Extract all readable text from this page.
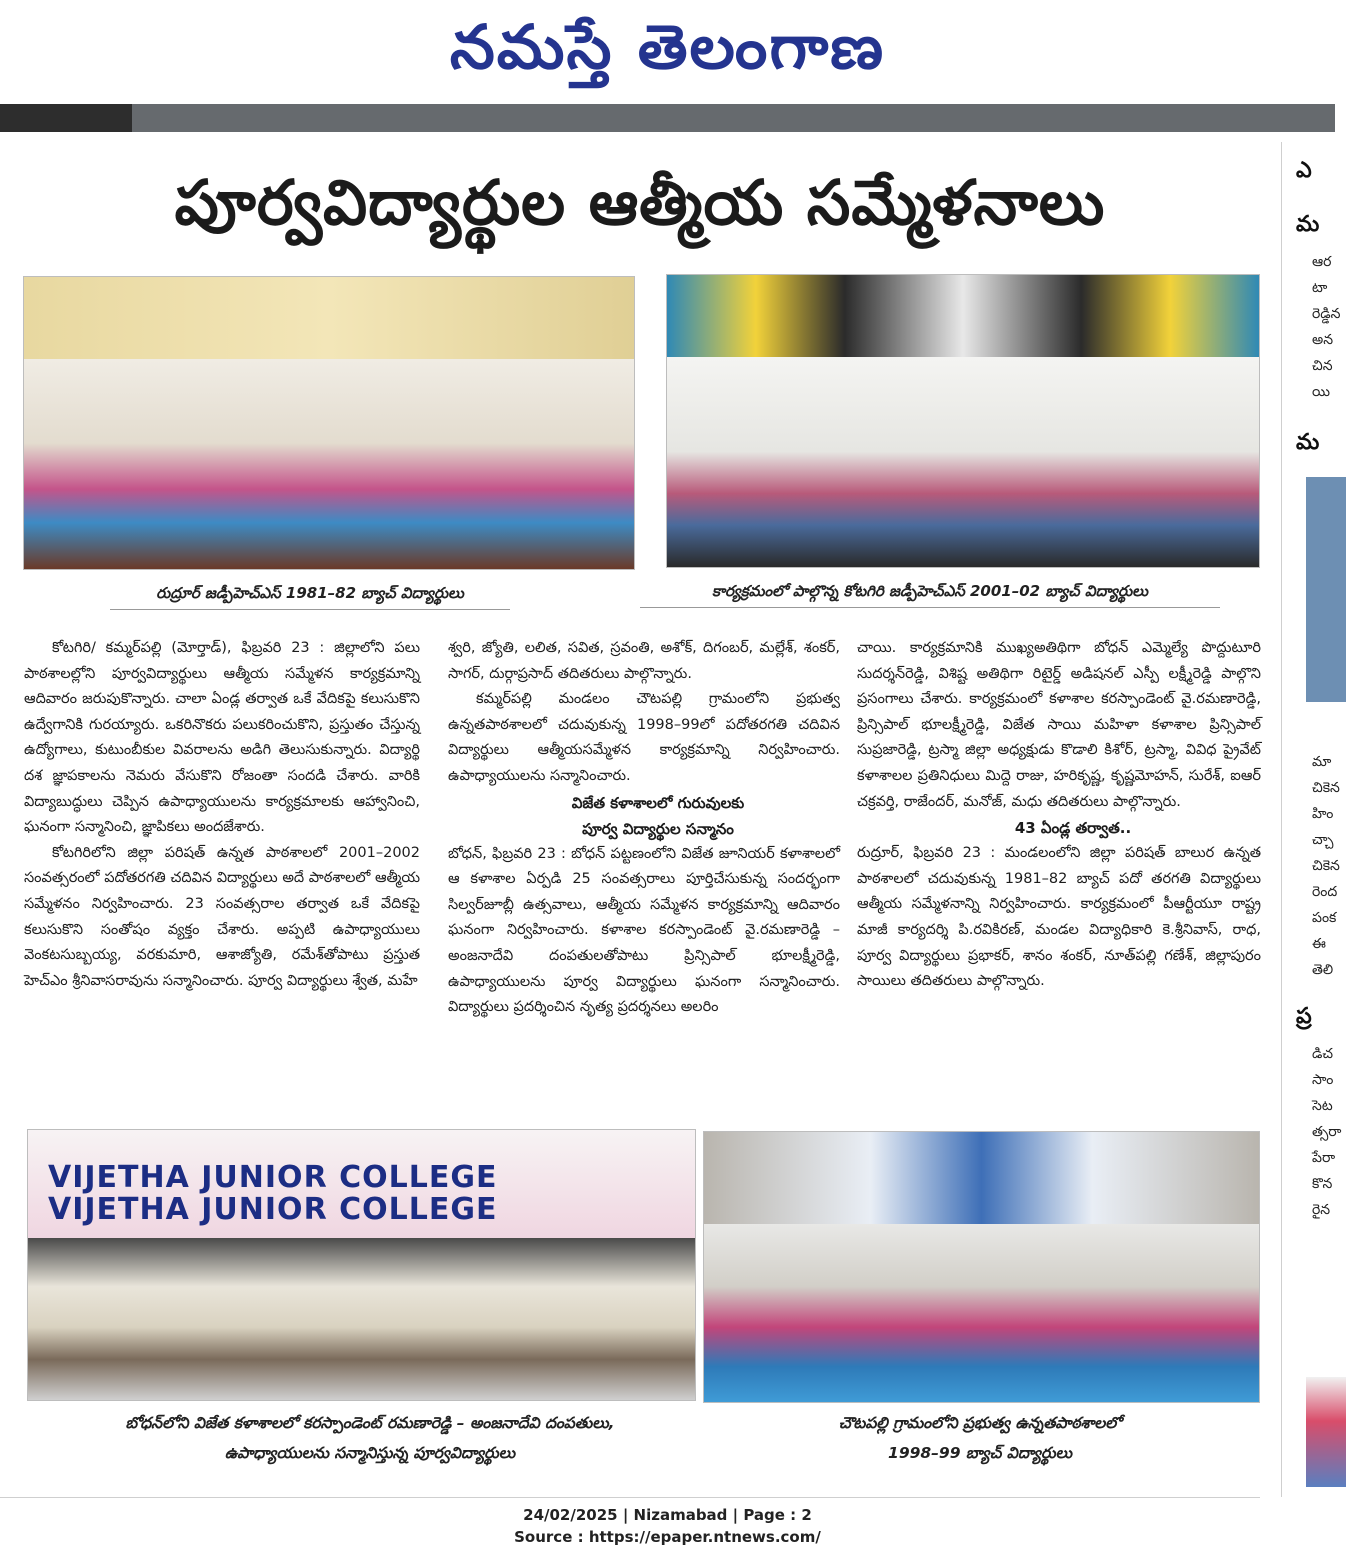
నమస్తే తెలంగాణ
పూర్వవిద్యార్థుల ఆత్మీయ సమ్మేళనాలు
రుద్రూర్ జడ్పీహెచ్ఎస్ 1981–82 బ్యాచ్ విద్యార్థులు	కార్యక్రమంలో పాల్గొన్న కోటగిరి జడ్పీహెచ్ఎస్ 2001–02 బ్యాచ్ విద్యార్థులు

కోటగిరి/ కమ్మర్‌పల్లి (మోర్తాడ్), ఫిబ్రవరి 23 : జిల్లాలోని పలు పాఠశాలల్లోని పూర్వవిద్యార్థులు ఆత్మీయ సమ్మేళన కార్యక్రమాన్ని ఆదివారం జరుపుకొన్నారు. చాలా ఏండ్ల తర్వాత ఒకే వేదికపై కలుసుకొని ఉద్వేగానికి గురయ్యారు. ఒకరినొకరు పలుకరించుకొని, ప్రస్తుతం చేస్తున్న ఉద్యోగాలు, కుటుంబీకుల వివరాలను అడిగి తెలుసుకున్నారు. విద్యార్థి దశ జ్ఞాపకాలను నెమరు వేసుకొని రోజంతా సందడి చేశారు. వారికి విద్యాబుద్ధులు చెప్పిన ఉపాధ్యాయులను కార్యక్రమాలకు ఆహ్వానించి, ఘనంగా సన్మానించి, జ్ఞాపికలు అందజేశారు.

కోటగిరిలోని జిల్లా పరిషత్ ఉన్నత పాఠశాలలో 2001–2002 సంవత్సరంలో పదోతరగతి చదివిన విద్యార్థులు అదే పాఠశాలలో ఆత్మీయ సమ్మేళనం నిర్వహించారు. 23 సంవత్సరాల తర్వాత ఒకే వేదికపై కలుసుకొని సంతోషం వ్యక్తం చేశారు. అప్పటి ఉపాధ్యాయులు వెంకటసుబ్బయ్య, వరకుమారి, ఆశాజ్యోతి, రమేశ్‌తోపాటు ప్రస్తుత హెచ్ఎం శ్రీనివాసరావును సన్మానించారు. పూర్వ విద్యార్థులు శ్వేత, మహే

శ్వరి, జ్యోతి, లలిత, సవిత, స్రవంతి, అశోక్, దిగంబర్, మల్లేశ్, శంకర్, సాగర్, దుర్గాప్రసాద్ తదితరులు పాల్గొన్నారు.

కమ్మర్‌పల్లి మండలం చౌటపల్లి గ్రామంలోని ప్రభుత్వ ఉన్నతపాఠశాలలో చదువుకున్న 1998–99లో పదోతరగతి చదివిన విద్యార్థులు ఆత్మీయసమ్మేళన కార్యక్రమాన్ని నిర్వహించారు. ఉపాధ్యాయులను సన్మానించారు.

విజేత కళాశాలలో గురువులకు

పూర్వ విద్యార్థుల సన్మానం

బోధన్, ఫిబ్రవరి 23 : బోధన్ పట్టణంలోని విజేత జూనియర్ కళాశాలలో ఆ కళాశాల ఏర్పడి 25 సంవత్సరాలు పూర్తిచేసుకున్న సందర్భంగా సిల్వర్‌జూబ్లీ ఉత్సవాలు, ఆత్మీయ సమ్మేళన కార్యక్రమాన్ని ఆదివారం ఘనంగా నిర్వహించారు. కళాశాల కరస్పాండెంట్ వై.రమణారెడ్డి – అంజనాదేవి దంపతులతోపాటు ప్రిన్సిపాల్ భూలక్ష్మీరెడ్డి, ఉపాధ్యాయులను పూర్వ విద్యార్థులు ఘనంగా సన్మానించారు. విద్యార్థులు ప్రదర్శించిన నృత్య ప్రదర్శనలు అలరిం

చాయి. కార్యక్రమానికి ముఖ్యఅతిథిగా బోధన్ ఎమ్మెల్యే పొద్దుటూరి సుదర్శన్‌రెడ్డి, విశిష్ట అతిథిగా రిటైర్డ్ అడిషనల్ ఎస్పీ లక్ష్మీరెడ్డి పాల్గొని ప్రసంగాలు చేశారు. కార్యక్రమంలో కళాశాల కరస్పాండెంట్ వై.రమణారెడ్డి, ప్రిన్సిపాల్ భూలక్ష్మీరెడ్డి, విజేత సాయి మహిళా కళాశాల ప్రిన్సిపాల్ సుప్రజారెడ్డి, ట్రస్మా జిల్లా అధ్యక్షుడు కొడాలి కిశోర్, ట్రస్మా, వివిధ ప్రైవేట్ కళాశాలల ప్రతినిధులు మిద్దె రాజు, హరికృష్ణ, కృష్ణమోహన్, సురేశ్, ఐఆర్ చక్రవర్తి, రాజేందర్, మనోజ్, మధు తదితరులు పాల్గొన్నారు.

43 ఏండ్ల తర్వాత..

రుద్రూర్, ఫిబ్రవరి 23 : మండలంలోని జిల్లా పరిషత్ బాలుర ఉన్నత పాఠశాలలో చదువుకున్న 1981–82 బ్యాచ్ పదో తరగతి విద్యార్థులు ఆత్మీయ సమ్మేళనాన్ని నిర్వహించారు. కార్యక్రమంలో పీఆర్టీయూ రాష్ట్ర మాజీ కార్యదర్శి పి.రవికిరణ్, మండల విద్యాధికారి కె.శ్రీనివాస్, రాధ, పూర్వ విద్యార్థులు ప్రభాకర్, శానం శంకర్, నూత్‌పల్లి గణేశ్, జిల్లాపురం సాయిలు తదితరులు పాల్గొన్నారు.

VIJETHA JUNIOR COLLEGE
VIJETHA JUNIOR COLLEGE
బోధన్‌లోని విజేత కళాశాలలో కరస్పాండెంట్ రమణారెడ్డి – అంజనాదేవి దంపతులు,
ఉపాధ్యాయులను సన్మానిస్తున్న పూర్వవిద్యార్థులు
చౌటపల్లి గ్రామంలోని ప్రభుత్వ ఉన్నతపాఠశాలలో
1998–99 బ్యాచ్ విద్యార్థులు
ఎ
మ
ఆర
టా
రెడ్డిన
అన
చిన
యి
మ
మా
చికెన
హిం
చ్చా
చికెన
రెంద
పంక
ఈ
తెలి
ప్ర
డిచ
సాం
సెట
త్సరా
పేరా
కొన
రైన
24/02/2025 | Nizamabad | Page : 2
Source : https://epaper.ntnews.com/
